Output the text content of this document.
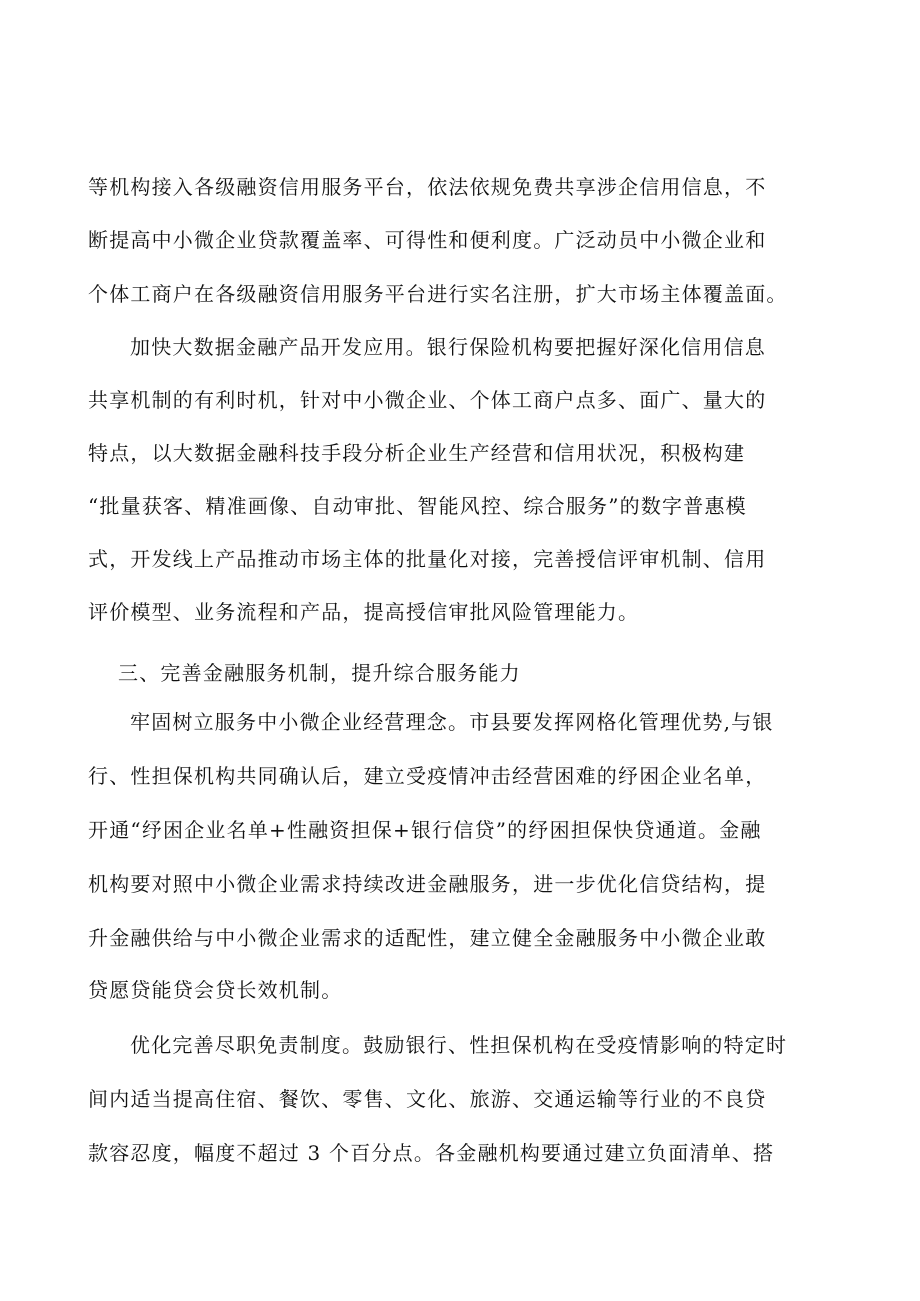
等机构接入各级融资信用服务平台，依法依规免费共享涉企信用信息，不
断提高中小微企业贷款覆盖率、可得性和便利度。广泛动员中小微企业和
个体工商户在各级融资信用服务平台进行实名注册，扩大市场主体覆盖面。
加快大数据金融产品开发应用。银行保险机构要把握好深化信用信息
共享机制的有利时机，针对中小微企业、个体工商户点多、面广、量大的
特点，以大数据金融科技手段分析企业生产经营和信用状况，积极构建
“批量获客、精准画像、自动审批、智能风控、综合服务”的数字普惠模
式，开发线上产品推动市场主体的批量化对接，完善授信评审机制、信用
评价模型、业务流程和产品，提高授信审批风险管理能力。
三、完善金融服务机制，提升综合服务能力
牢固树立服务中小微企业经营理念。市县要发挥网格化管理优势,与银
行、性担保机构共同确认后，建立受疫情冲击经营困难的纾困企业名单，
开通“纾困企业名单+性融资担保+银行信贷”的纾困担保快贷通道。金融
机构要对照中小微企业需求持续改进金融服务，进一步优化信贷结构，提
升金融供给与中小微企业需求的适配性，建立健全金融服务中小微企业敢
贷愿贷能贷会贷长效机制。
优化完善尽职免责制度。鼓励银行、性担保机构在受疫情影响的特定时
间内适当提高住宿、餐饮、零售、文化、旅游、交通运输等行业的不良贷
款容忍度，幅度不超过 3 个百分点。各金融机构要通过建立负面清单、搭
